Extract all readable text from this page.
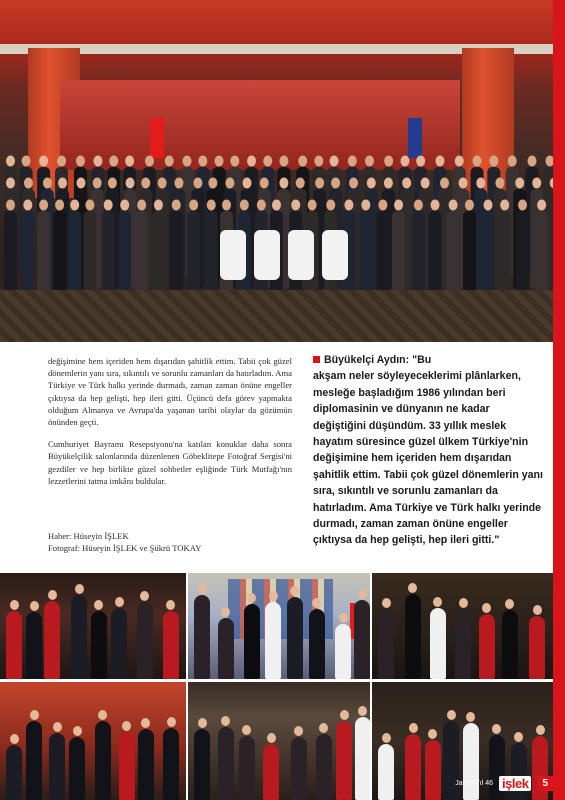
değişimine hem içeriden hem dışarıdan şahitlik ettim. Tabii çok güzel dönemlerin yanı sıra, sıkıntılı ve sorunlu zamanları da hatırladım. Ama Türkiye ve Türk halkı yerinde durmadı, zaman zaman önüne engeller çıktıysa da hep gelişti, hep ileri gitti. Üçüncü defa görev yapmakta olduğum Almanya ve Avrupa'da yaşanan tarihi olaylar da gözümün önünden geçti.

Cumhuriyet Bayramı Resepsiyonu'na katılan konuklar daha sonra Büyükelçilik salonlarında düzenlenen Göbeklitepe Fotoğraf Sergisi'ni gezdiler ve hep birlikte güzel sohbetler eşliğinde Türk Mutfağı'nın lezzetlerini tatma imkânı buldular.

Haber: Hüseyin İŞLEK
Fotograf: Hüseyin İŞLEK ve Şükrü TOKAY
Büyükelçi Aydın: "Bu
akşam neler söyleyeceklerimi plânlarken, mesleğe başladığım 1986 yılından beri diplomasinin ve dünyanın ne kadar değiştiğini düşündüm. 33 yıllık meslek hayatım süresince güzel ülkem Türkiye'nin değişimine hem içeriden hem dışarıdan şahitlik ettim. Tabii çok güzel dönemlerin yanı sıra, sıkıntılı ve sorunlu zamanları da hatırladım. Ama Türkiye ve Türk halkı yerinde durmadı, zaman zaman önüne engeller çıktıysa da hep gelişti, hep ileri gitti."
Jahr • Yıl 46 işlek	5
